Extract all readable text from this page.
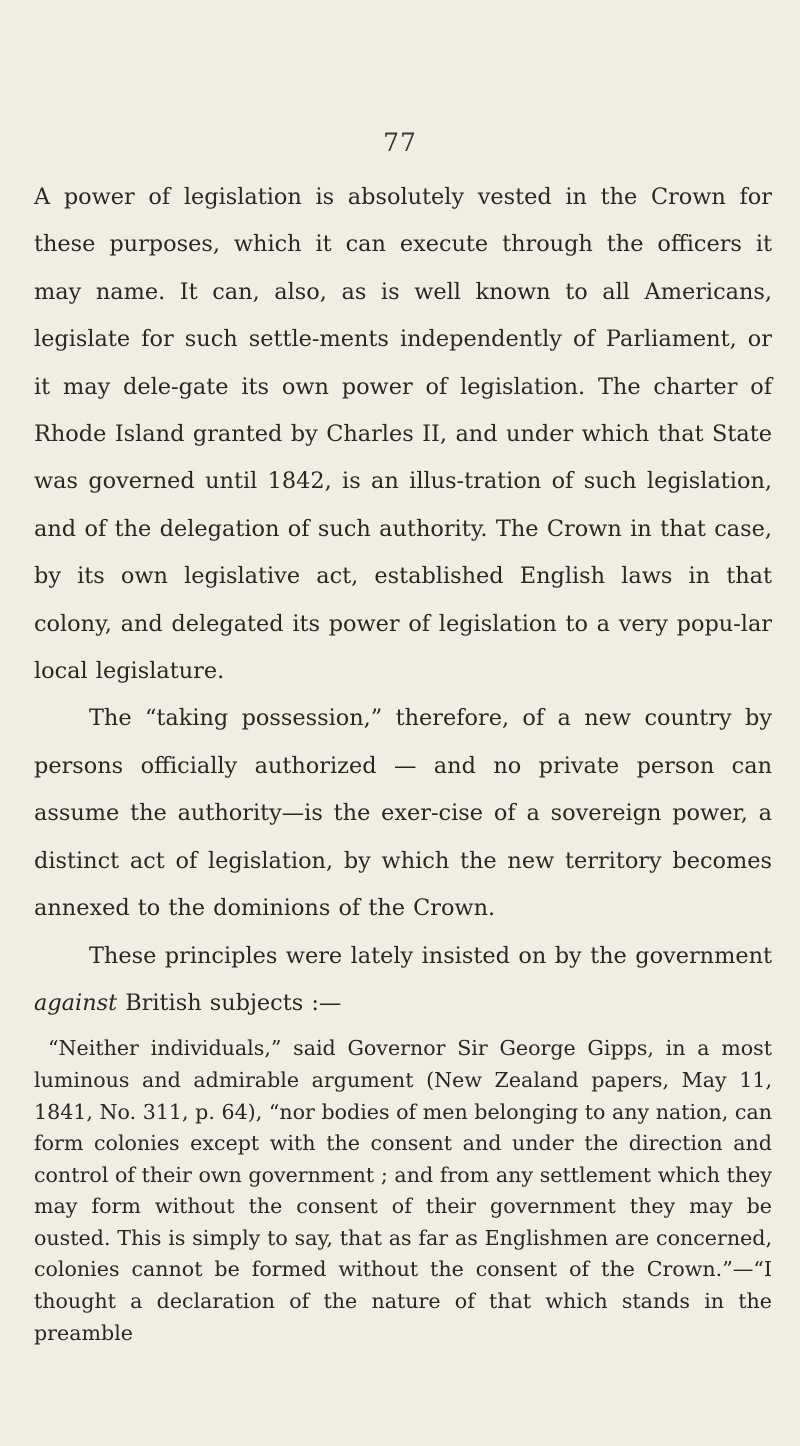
77

A power of legislation is absolutely vested in the Crown for these purposes, which it can execute through the officers it may name. It can, also, as is well known to all Americans, legislate for such settle-ments independently of Parliament, or it may dele-gate its own power of legislation. The charter of Rhode Island granted by Charles II, and under which that State was governed until 1842, is an illus-tration of such legislation, and of the delegation of such authority. The Crown in that case, by its own legislative act, established English laws in that colony, and delegated its power of legislation to a very popu-lar local legislature.

The “taking possession,” therefore, of a new country by persons officially authorized — and no private person can assume the authority—is the exer-cise of a sovereign power, a distinct act of legislation, by which the new territory becomes annexed to the dominions of the Crown.

These principles were lately insisted on by the government against British subjects :—

“Neither individuals,” said Governor Sir George Gipps, in a most luminous and admirable argument (New Zealand papers, May 11, 1841, No. 311, p. 64), “nor bodies of men belonging to any nation, can form colonies except with the consent and under the direction and control of their own government ; and from any settlement which they may form without the consent of their government they may be ousted. This is simply to say, that as far as Englishmen are concerned, colonies cannot be formed without the consent of the Crown.”—“I thought a declaration of the nature of that which stands in the preamble
